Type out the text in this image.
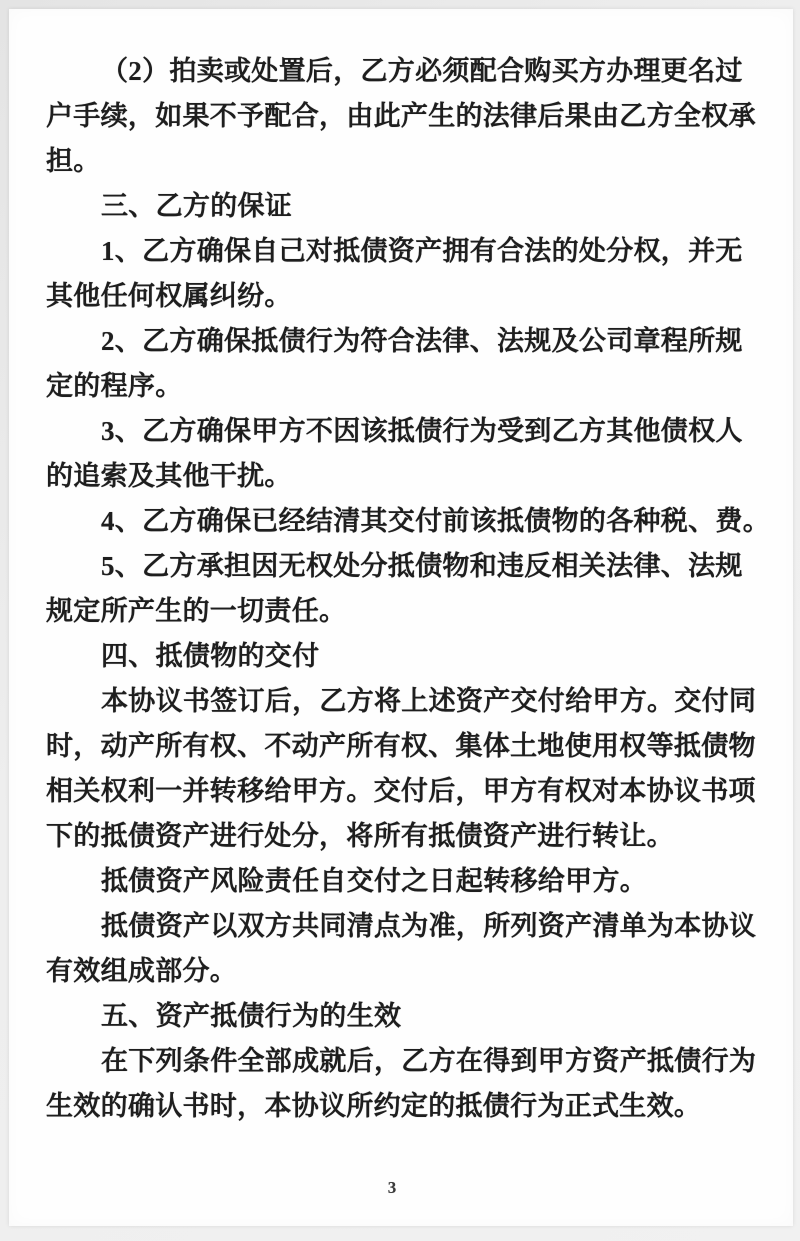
（2）拍卖或处置后，乙方必须配合购买方办理更名过
户手续，如果不予配合，由此产生的法律后果由乙方全权承
担。
三、乙方的保证
1、乙方确保自己对抵债资产拥有合法的处分权，并无
其他任何权属纠纷。
2、乙方确保抵债行为符合法律、法规及公司章程所规
定的程序。
3、乙方确保甲方不因该抵债行为受到乙方其他债权人
的追索及其他干扰。
4、乙方确保已经结清其交付前该抵债物的各种税、费。
5、乙方承担因无权处分抵债物和违反相关法律、法规
规定所产生的一切责任。
四、抵债物的交付
本协议书签订后，乙方将上述资产交付给甲方。交付同
时，动产所有权、不动产所有权、集体土地使用权等抵债物
相关权利一并转移给甲方。交付后，甲方有权对本协议书项
下的抵债资产进行处分，将所有抵债资产进行转让。
抵债资产风险责任自交付之日起转移给甲方。
抵债资产以双方共同清点为准，所列资产清单为本协议
有效组成部分。
五、资产抵债行为的生效
在下列条件全部成就后，乙方在得到甲方资产抵债行为
生效的确认书时，本协议所约定的抵债行为正式生效。
3
